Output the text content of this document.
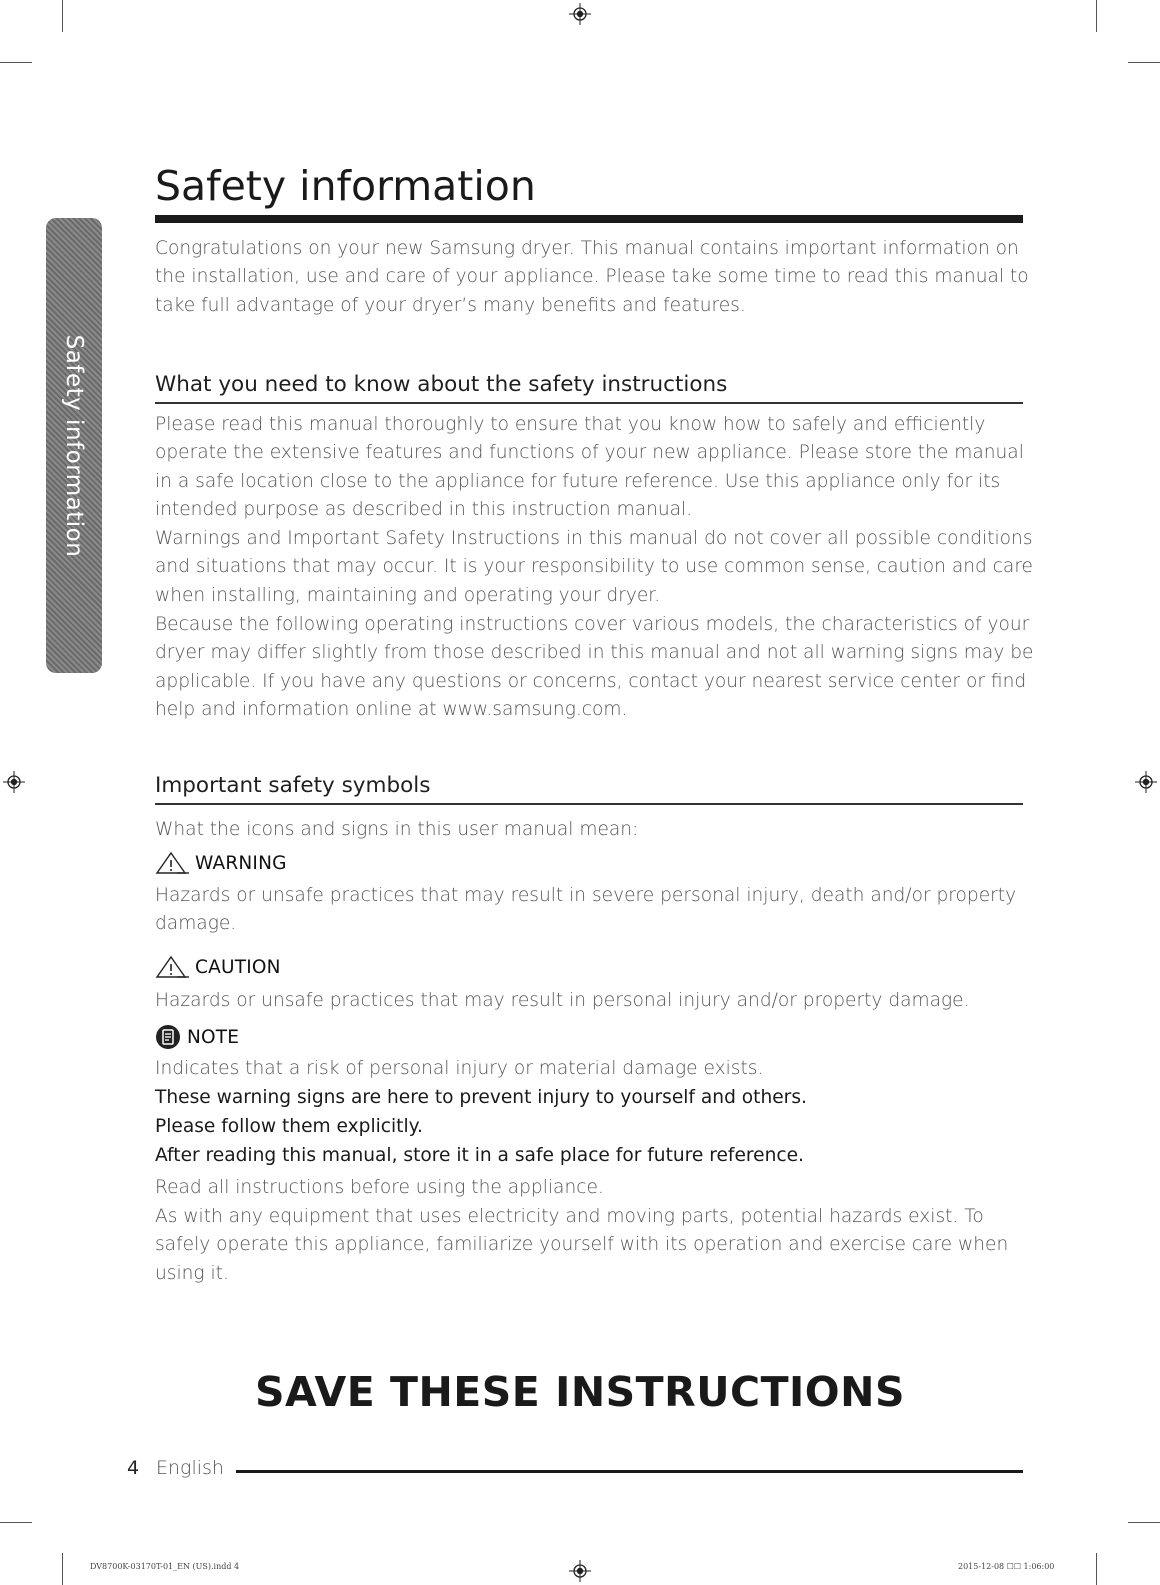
Safety information
Safety information

Congratulations on your new Samsung dryer. This manual contains important information on the installation, use and care of your appliance. Please take some time to read this manual to take full advantage of your dryer’s many benefits and features.

What you need to know about the safety instructions

Please read this manual thoroughly to ensure that you know how to safely and efficiently operate the extensive features and functions of your new appliance. Please store the manual in a safe location close to the appliance for future reference. Use this appliance only for its intended purpose as described in this instruction manual.

Warnings and Important Safety Instructions in this manual do not cover all possible conditions and situations that may occur. It is your responsibility to use common sense, caution and care when installing, maintaining and operating your dryer.

Because the following operating instructions cover various models, the characteristics of your dryer may differ slightly from those described in this manual and not all warning signs may be applicable. If you have any questions or concerns, contact your nearest service center or find help and information online at www.samsung.com.

Important safety symbols

What the icons and signs in this user manual mean:

WARNING

Hazards or unsafe practices that may result in severe personal injury, death and/or property damage.

CAUTION

Hazards or unsafe practices that may result in personal injury and/or property damage.

NOTE

Indicates that a risk of personal injury or material damage exists.

These warning signs are here to prevent injury to yourself and others.

Please follow them explicitly.

After reading this manual, store it in a safe place for future reference.

Read all instructions before using the appliance.

As with any equipment that uses electricity and moving parts, potential hazards exist. To safely operate this appliance, familiarize yourself with its operation and exercise care when using it.

SAVE THESE INSTRUCTIONS
4 English
DV8700K-03170T-01_EN (US).indd 4	2015-12-08 ☐☐ 1:06:00
